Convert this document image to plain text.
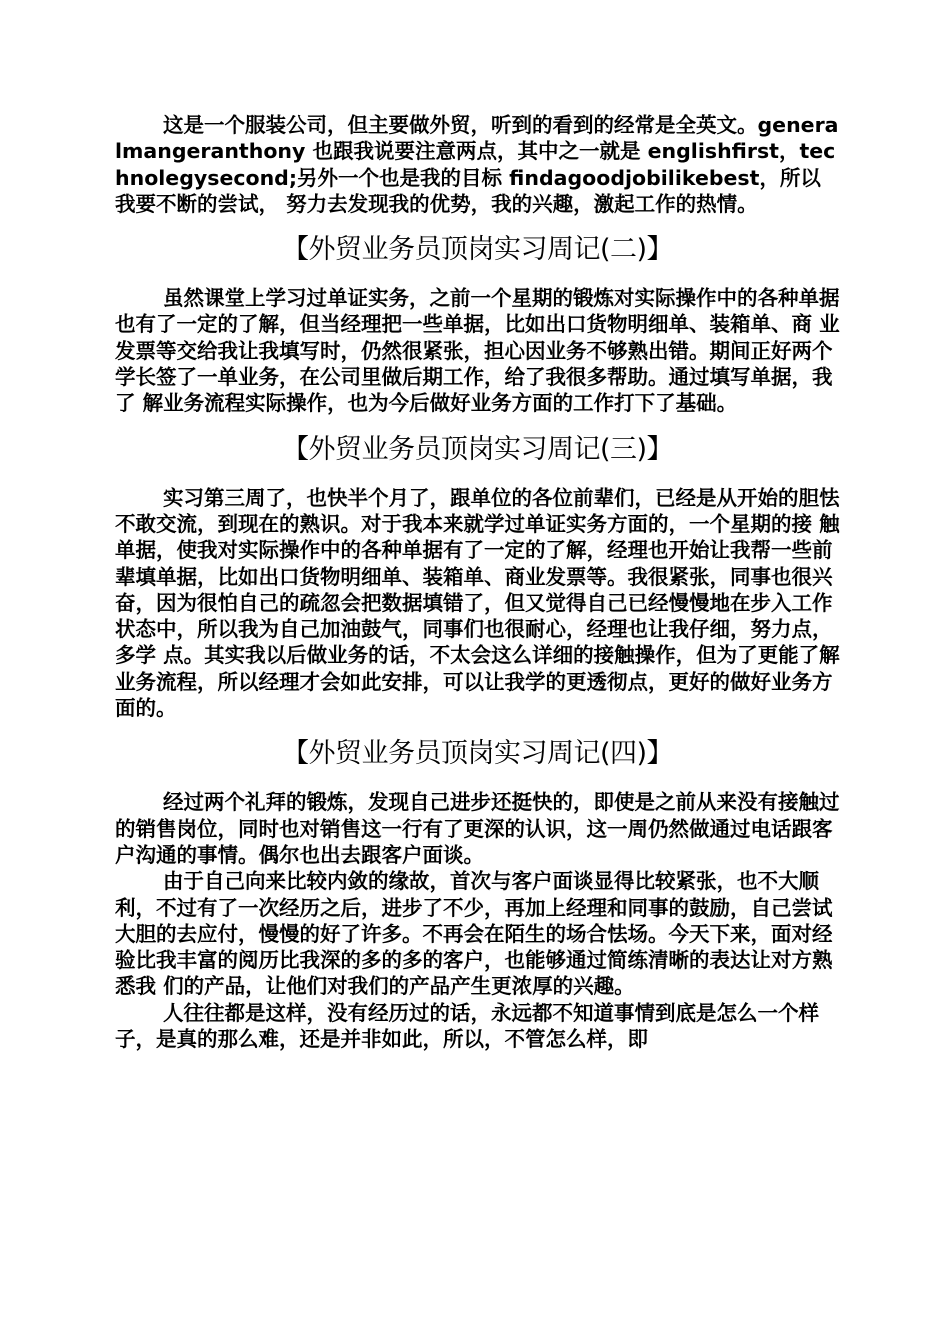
这是一个服装公司，但主要做外贸，听到的看到的经常是全英文。generalmangeranthony 也跟我说要注意两点，其中之一就是 englishfirst，technolegysecond;另外一个也是我的目标 findagoodjobilikebest，所以我要不断的尝试， 努力去发现我的优势，我的兴趣，激起工作的热情。

【外贸业务员顶岗实习周记(二)】

虽然课堂上学习过单证实务，之前一个星期的锻炼对实际操作中的各种单据也有了一定的了解，但当经理把一些单据，比如出口货物明细单、装箱单、商 业发票等交给我让我填写时，仍然很紧张，担心因业务不够熟出错。期间正好两个学长签了一单业务，在公司里做后期工作，给了我很多帮助。通过填写单据，我了 解业务流程实际操作，也为今后做好业务方面的工作打下了基础。

【外贸业务员顶岗实习周记(三)】

实习第三周了，也快半个月了，跟单位的各位前辈们，已经是从开始的胆怯不敢交流，到现在的熟识。对于我本来就学过单证实务方面的，一个星期的接 触单据，使我对实际操作中的各种单据有了一定的了解，经理也开始让我帮一些前辈填单据，比如出口货物明细单、装箱单、商业发票等。我很紧张，同事也很兴 奋，因为很怕自己的疏忽会把数据填错了，但又觉得自己已经慢慢地在步入工作状态中，所以我为自己加油鼓气，同事们也很耐心，经理也让我仔细，努力点，多学 点。其实我以后做业务的话，不太会这么详细的接触操作，但为了更能了解业务流程，所以经理才会如此安排，可以让我学的更透彻点，更好的做好业务方面的。

【外贸业务员顶岗实习周记(四)】

经过两个礼拜的锻炼，发现自己进步还挺快的，即使是之前从来没有接触过的销售岗位，同时也对销售这一行有了更深的认识，这一周仍然做通过电话跟客户沟通的事情。偶尔也出去跟客户面谈。

由于自己向来比较内敛的缘故，首次与客户面谈显得比较紧张，也不大顺利，不过有了一次经历之后，进步了不少，再加上经理和同事的鼓励，自己尝试 大胆的去应付，慢慢的好了许多。不再会在陌生的场合怯场。今天下来，面对经验比我丰富的阅历比我深的多的多的客户，也能够通过简练清晰的表达让对方熟悉我 们的产品，让他们对我们的产品产生更浓厚的兴趣。

人往往都是这样，没有经历过的话，永远都不知道事情到底是怎么一个样子，是真的那么难，还是并非如此，所以，不管怎么样，即
